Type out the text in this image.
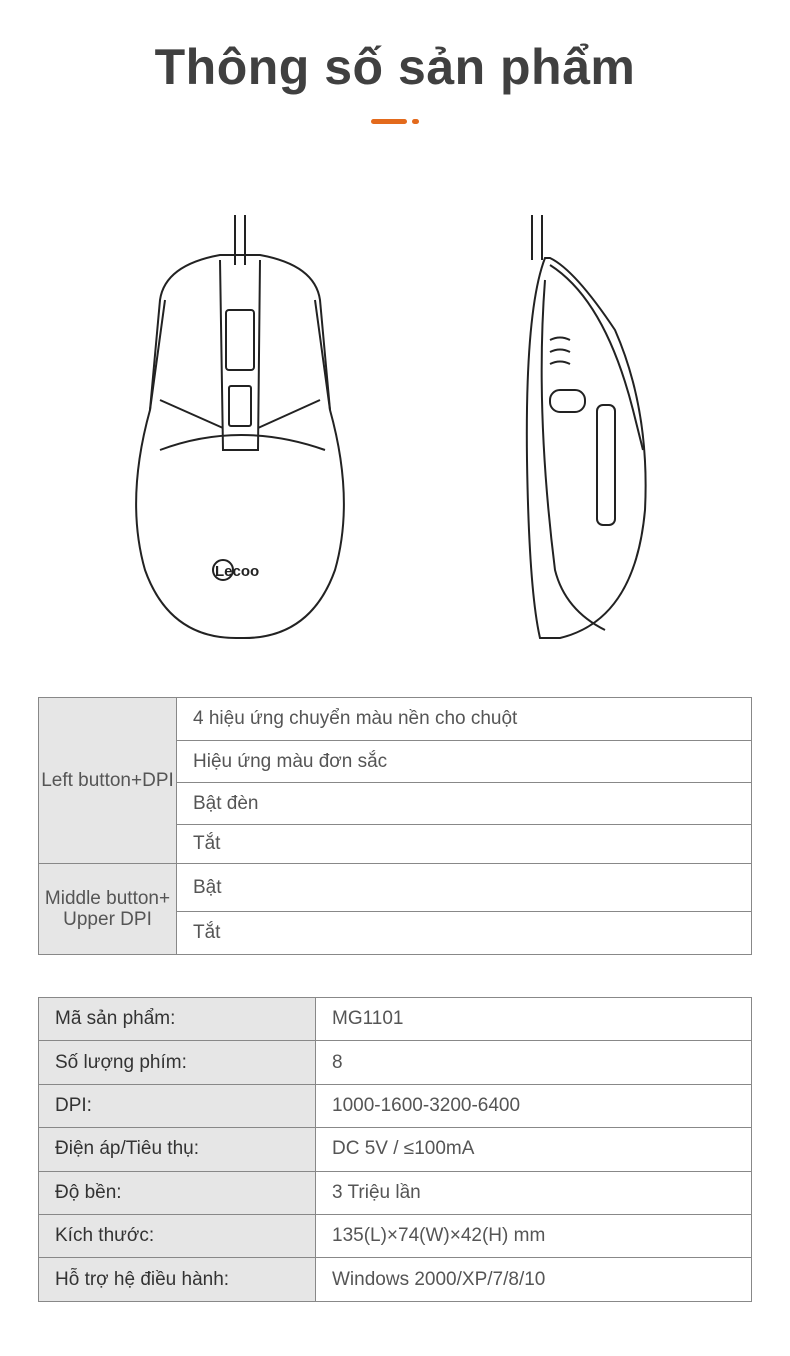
Thông số sản phẩm
Lecoo
Left button+DPI	4 hiệu ứng chuyển màu nền cho chuột
	Hiệu ứng màu đơn sắc
	Bật đèn
	Tắt
Middle button+ Upper DPI	Bật
	Tắt
Mã sản phẩm:	MG1101
Số lượng phím:	8
DPI:	1000-1600-3200-6400
Điện áp/Tiêu thụ:	DC 5V / ≤100mA
Độ bền:	3 Triệu lần
Kích thước:	135(L)×74(W)×42(H) mm
Hỗ trợ hệ điều hành:	Windows 2000/XP/7/8/10
